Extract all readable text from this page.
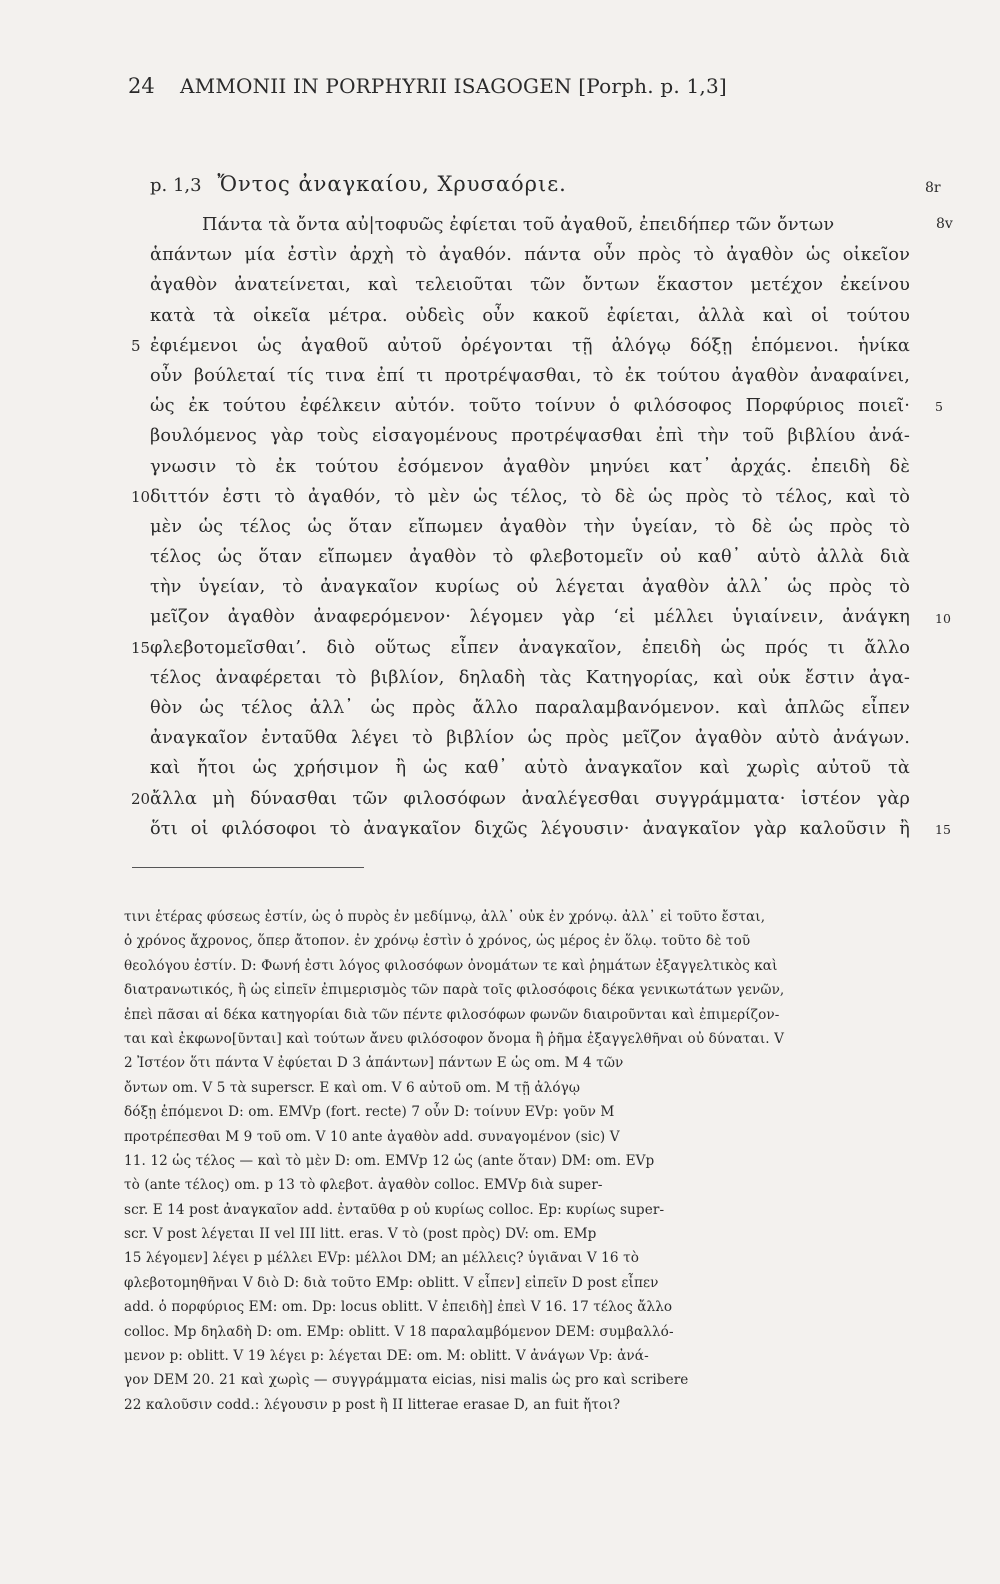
24 AMMONII IN PORPHYRII ISAGOGEN [Porph. p. 1,3]
p. 1,3 Ὄντος ἀναγκαίου, Χρυσαόριε.	8r
8v
Πάντα τὰ ὄντα αὐ|τοφυῶς ἐφίεται τοῦ ἀγαθοῦ, ἐπειδήπερ τῶν ὄντων
ἁπάντων μία ἐστὶν ἀρχὴ τὸ ἀγαθόν. πάντα οὖν πρὸς τὸ ἀγαθὸν ὡς οἰκεῖον
ἀγαθὸν ἀνατείνεται, καὶ τελειοῦται τῶν ὄντων ἕκαστον μετέχον ἐκείνου
κατὰ τὰ οἰκεῖα μέτρα. οὐδεὶς οὖν κακοῦ ἐφίεται, ἀλλὰ καὶ οἱ τούτου
ἐφιέμενοι ὡς ἀγαθοῦ αὐτοῦ ὀρέγονται τῇ ἀλόγῳ δόξῃ ἑπόμενοι. ἡνίκα
οὖν βούλεταί τίς τινα ἐπί τι προτρέψασθαι, τὸ ἐκ τούτου ἀγαθὸν ἀναφαίνει,
ὡς ἐκ τούτου ἐφέλκειν αὐτόν. τοῦτο τοίνυν ὁ φιλόσοφος Πορφύριος ποιεῖ·
βουλόμενος γὰρ τοὺς εἰσαγομένους προτρέψασθαι ἐπὶ τὴν τοῦ βιβλίου ἀνά-
γνωσιν τὸ ἐκ τούτου ἐσόμενον ἀγαθὸν μηνύει κατ᾽ ἀρχάς. ἐπειδὴ δὲ
διττόν ἐστι τὸ ἀγαθόν, τὸ μὲν ὡς τέλος, τὸ δὲ ὡς πρὸς τὸ τέλος, καὶ τὸ
μὲν ὡς τέλος ὡς ὅταν εἴπωμεν ἀγαθὸν τὴν ὑγείαν, τὸ δὲ ὡς πρὸς τὸ
τέλος ὡς ὅταν εἴπωμεν ἀγαθὸν τὸ φλεβοτομεῖν οὐ καθ᾽ αὑτὸ ἀλλὰ διὰ
τὴν ὑγείαν, τὸ ἀναγκαῖον κυρίως οὐ λέγεται ἀγαθὸν ἀλλ᾽ ὡς πρὸς τὸ
μεῖζον ἀγαθὸν ἀναφερόμενον· λέγομεν γὰρ ‘εἰ μέλλει ὑγιαίνειν, ἀνάγκη
φλεβοτομεῖσθαι’. διὸ οὕτως εἶπεν ἀναγκαῖον, ἐπειδὴ ὡς πρός τι ἄλλο
τέλος ἀναφέρεται τὸ βιβλίον, δηλαδὴ τὰς Κατηγορίας, καὶ οὐκ ἔστιν ἀγα-
θὸν ὡς τέλος ἀλλ᾽ ὡς πρὸς ἄλλο παραλαμβανόμενον. καὶ ἁπλῶς εἶπεν
ἀναγκαῖον ἐνταῦθα λέγει τὸ βιβλίον ὡς πρὸς μεῖζον ἀγαθὸν αὐτὸ ἀνάγων.
καὶ ἤτοι ὡς χρήσιμον ἢ ὡς καθ᾽ αὑτὸ ἀναγκαῖον καὶ χωρὶς αὐτοῦ τὰ
ἄλλα μὴ δύνασθαι τῶν φιλοσόφων ἀναλέγεσθαι συγγράμματα· ἰστέον γὰρ
ὅτι οἱ φιλόσοφοι τὸ ἀναγκαῖον διχῶς λέγουσιν· ἀναγκαῖον γὰρ καλοῦσιν ἢ
5
10
15
20
5
10
15
τινι ἑτέρας φύσεως ἐστίν, ὡς ὁ πυρὸς ἐν μεδίμνῳ, ἀλλ᾽ οὐκ ἐν χρόνῳ. ἀλλ᾽ εἰ τοῦτο ἔσται,
ὁ χρόνος ἄχρονος, ὅπερ ἄτοπον. ἐν χρόνῳ ἐστὶν ὁ χρόνος, ὡς μέρος ἐν ὅλῳ. τοῦτο δὲ τοῦ
θεολόγου ἐστίν. D: Φωνή ἐστι λόγος φιλοσόφων ὀνομάτων τε καὶ ῥημάτων ἐξαγγελτικὸς καὶ
διατρανωτικός, ἢ ὡς εἰπεῖν ἐπιμερισμὸς τῶν παρὰ τοῖς φιλοσόφοις δέκα γενικωτάτων γενῶν,
ἐπεὶ πᾶσαι αἱ δέκα κατηγορίαι διὰ τῶν πέντε φιλοσόφων φωνῶν διαιροῦνται καὶ ἐπιμερίζον-
ται καὶ ἐκφωνο[ῦνται] καὶ τούτων ἄνευ φιλόσοφον ὄνομα ἢ ῥῆμα ἐξαγγελθῆναι οὐ δύναται. V
2 Ἰστέον ὅτι πάντα V ἐφύεται D 3 ἁπάντων] πάντων E ὡς om. M 4 τῶν
ὄντων om. V 5 τὰ superscr. E καὶ om. V 6 αὐτοῦ om. M τῇ ἀλόγῳ
δόξῃ ἑπόμενοι D: om. EMVp (fort. recte) 7 οὖν D: τοίνυν EVp: γοῦν M
προτρέπεσθαι M 9 τοῦ om. V 10 ante ἀγαθὸν add. συναγομένον (sic) V
11. 12 ὡς τέλος — καὶ τὸ μὲν D: om. EMVp 12 ὡς (ante ὅταν) DM: om. EVp
τὸ (ante τέλος) om. p 13 τὸ φλεβοτ. ἀγαθὸν colloc. EMVp διὰ super-
scr. E 14 post ἀναγκαῖον add. ἐνταῦθα p οὐ κυρίως colloc. Ep: κυρίως super-
scr. V post λέγεται II vel III litt. eras. V τὸ (post πρὸς) DV: om. EMp
15 λέγομεν] λέγει p μέλλει EVp: μέλλοι DM; an μέλλεις? ὑγιᾶναι V 16 τὸ
φλεβοτομηθῆναι V διὸ D: διὰ τοῦτο EMp: oblitt. V εἶπεν] εἰπεῖν D post εἶπεν
add. ὁ πορφύριος EM: om. Dp: locus oblitt. V ἐπειδὴ] ἐπεὶ V 16. 17 τέλος ἄλλο
colloc. Mp δηλαδὴ D: om. EMp: oblitt. V 18 παραλαμβόμενον DEM: συμβαλλό-
μενον p: oblitt. V 19 λέγει p: λέγεται DE: om. M: oblitt. V ἀνάγων Vp: ἀνά-
γον DEM 20. 21 καὶ χωρὶς — συγγράμματα eicias, nisi malis ὡς pro καὶ scribere
22 καλοῦσιν codd.: λέγουσιν p post ἢ II litterae erasae D, an fuit ἤτοι?
